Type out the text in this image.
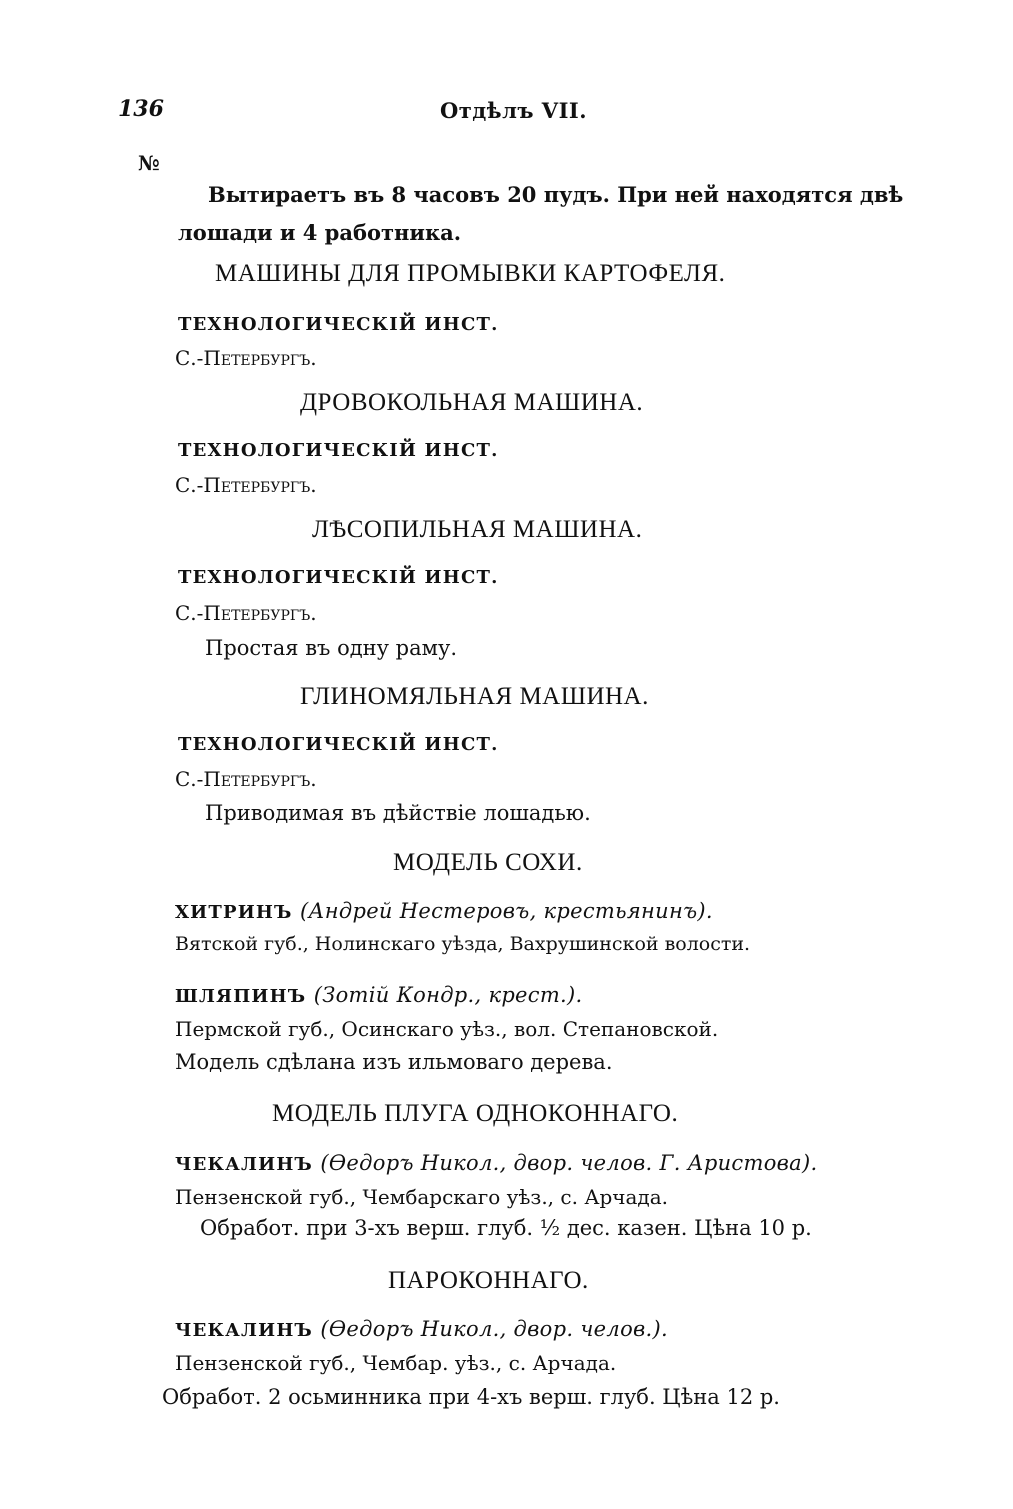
136	Отдѣлъ VII.
№
Вытираетъ въ 8 часовъ 20 пудъ. При ней находятся двѣ
лошади и 4 работника.
МАШИНЫ ДЛЯ ПРОМЫВКИ КАРТОФЕЛЯ.
ТЕХНОЛОГИЧЕСКІЙ ИНСТ.
С.-Петербургъ.
ДРОВОКОЛЬНАЯ МАШИНА.
ТЕХНОЛОГИЧЕСКІЙ ИНСТ.
С.-Петербургъ.
ЛѢСОПИЛЬНАЯ МАШИНА.
ТЕХНОЛОГИЧЕСКІЙ ИНСТ.
С.-Петербургъ.
Простая въ одну раму.
ГЛИНОМЯЛЬНАЯ МАШИНА.
ТЕХНОЛОГИЧЕСКІЙ ИНСТ.
С.-Петербургъ.
Приводимая въ дѣйствіе лошадью.
МОДЕЛЬ СОХИ.
ХИТРИНЪ (Андрей Нестеровъ, крестьянинъ).
Вятской губ., Нолинскаго уѣзда, Вахрушинской волости.
ШЛЯПИНЪ (Зотій Кондр., крест.).
Пермской губ., Осинскаго уѣз., вол. Степановской.
Модель сдѣлана изъ ильмоваго дерева.
МОДЕЛЬ ПЛУГА ОДНОКОННАГО.
ЧЕКАЛИНЪ (Өедоръ Никол., двор. челов. Г. Аристова).
Пензенской губ., Чембарскаго уѣз., с. Арчада.
Обработ. при 3-хъ верш. глуб. ½ дес. казен. Цѣна 10 р.
ПАРОКОННАГО.
ЧЕКАЛИНЪ (Өедоръ Никол., двор. челов.).
Пензенской губ., Чембар. уѣз., с. Арчада.
Обработ. 2 осьминника при 4-хъ верш. глуб. Цѣна 12 р.
